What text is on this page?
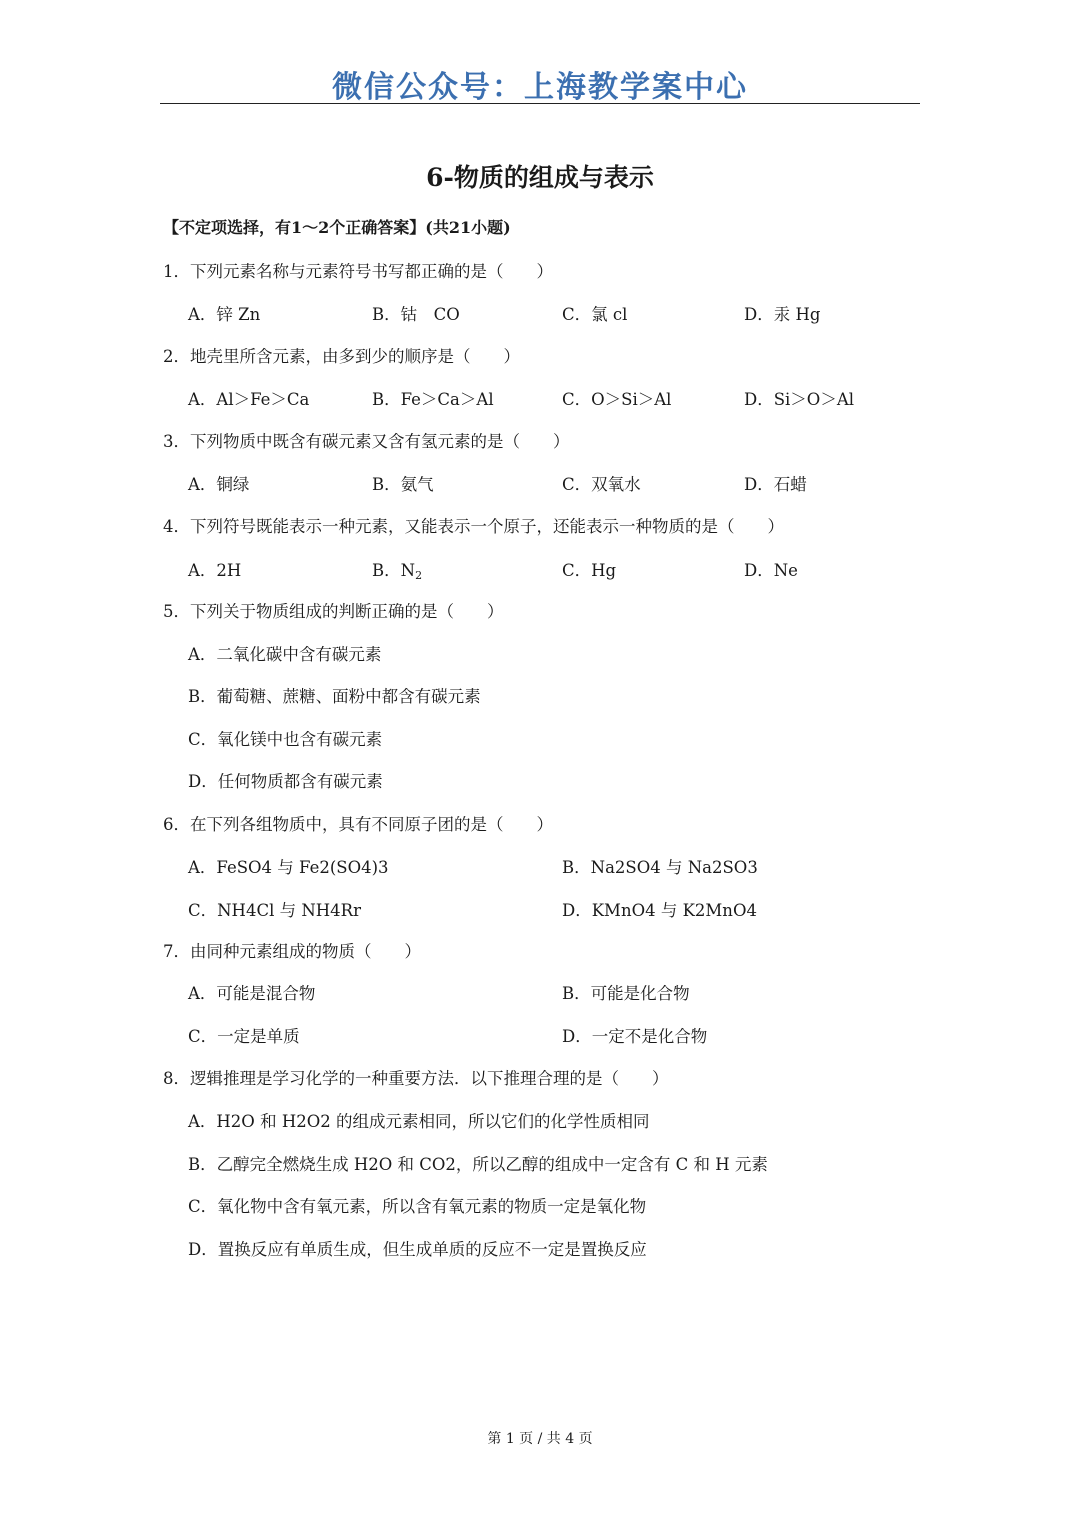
微信公众号：上海教学案中心
6-物质的组成与表示
【不定项选择，有1～2个正确答案】(共21小题)
1．下列元素名称与元素符号书写都正确的是（　　）
A．锌 Zn	B．钴　CO	C．氯 cl	D．汞 Hg
2．地壳里所含元素，由多到少的顺序是（　　）
A．Al＞Fe＞Ca	B．Fe＞Ca＞Al	C．O＞Si＞Al	D．Si＞O＞Al
3．下列物质中既含有碳元素又含有氢元素的是（　　）
A．铜绿	B．氨气	C．双氧水	D．石蜡
4．下列符号既能表示一种元素，又能表示一个原子，还能表示一种物质的是（　　）
A．2H	B．$N_2$	C．Hg	D．Ne
5．下列关于物质组成的判断正确的是（　　）
A．二氧化碳中含有碳元素
B．葡萄糖、蔗糖、面粉中都含有碳元素
C．氧化镁中也含有碳元素
D．任何物质都含有碳元素
6．在下列各组物质中，具有不同原子团的是（　　）
A．FeSO4 与 Fe2(SO4)3	B．Na2SO4 与 Na2SO3
C．NH4Cl 与 NH4Rr	D．KMnO4 与 K2MnO4
7．由同种元素组成的物质（　　）
A．可能是混合物	B．可能是化合物
C．一定是单质	D．一定不是化合物
8．逻辑推理是学习化学的一种重要方法．以下推理合理的是（　　）
A．H2O 和 H2O2 的组成元素相同，所以它们的化学性质相同
B．乙醇完全燃烧生成 H2O 和 CO2，所以乙醇的组成中一定含有 C 和 H 元素
C．氧化物中含有氧元素，所以含有氧元素的物质一定是氧化物
D．置换反应有单质生成，但生成单质的反应不一定是置换反应
第 1 页 / 共 4 页
